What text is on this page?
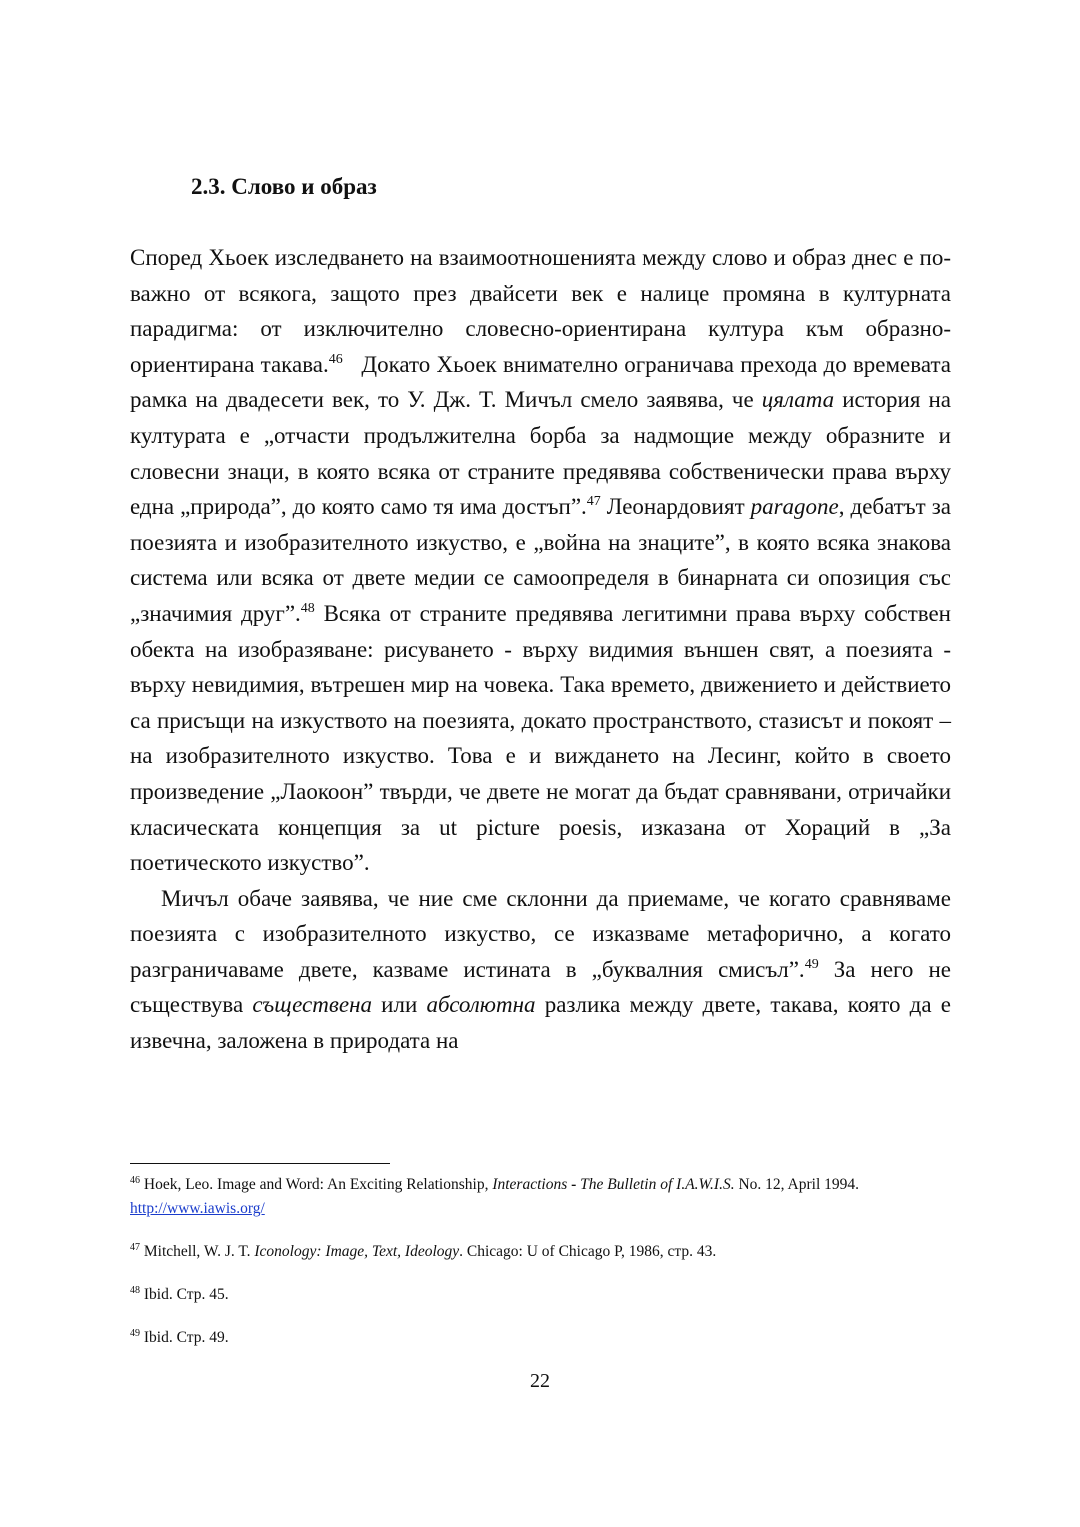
2.3. Слово и образ

Според Хьоек изследването на взаимоотношенията между слово и образ днес е по-важно от всякога, защото през двайсети век е налице промяна в културната парадигма: от изключително словесно-ориентирана култура към образно-ориентирана такава.$^{46}$ Докато Хьоек внимателно ограничава прехода до времевата рамка на двадесети век, то У. Дж. Т. Мичъл смело заявява, че цялата история на културата е „отчасти продължителна борба за надмощие между образните и словесни знаци, в която всяка от страните предявява собственически права върху една „природа”, до която само тя има достъп”.$^{47}$ Леонардовият paragone, дебатът за поезията и изобразителното изкуство, е „война на знаците”, в която всяка знакова система или всяка от двете медии се самоопределя в бинарната си опозиция със „значимия друг”.$^{48}$ Всяка от страните предявява легитимни права върху собствен обекта на изобразяване: рисуването - върху видимия външен свят, а поезията - върху невидимия, вътрешен мир на човека. Така времето, движението и действието са присъщи на изкуството на поезията, докато пространството, стазисът и покоят – на изобразителното изкуство. Това е и виждането на Лесинг, който в своето произведение „Лаокоон” твърди, че двете не могат да бъдат сравнявани, отричайки класическата концепция за ut picture poesis, изказана от Хораций в „За поетическото изкуство”.

Мичъл обаче заявява, че ние сме склонни да приемаме, че когато сравняваме поезията с изобразителното изкуство, се изказваме метафорично, а когато разграничаваме двете, казваме истината в „буквалния смисъл”.$^{49}$ За него не съществува съществена или абсолютна разлика между двете, такава, която да е извечна, заложена в природата на

$^{46}$ Hoek, Leo. Image and Word: An Exciting Relationship, Interactions - The Bulletin of I.A.W.I.S. No. 12, April 1994. http://www.iawis.org/

$^{47}$ Mitchell, W. J. T. Iconology: Image, Text, Ideology. Chicago: U of Chicago P, 1986, стр. 43.

$^{48}$ Ibid. Стр. 45.

$^{49}$ Ibid. Стр. 49.

22
